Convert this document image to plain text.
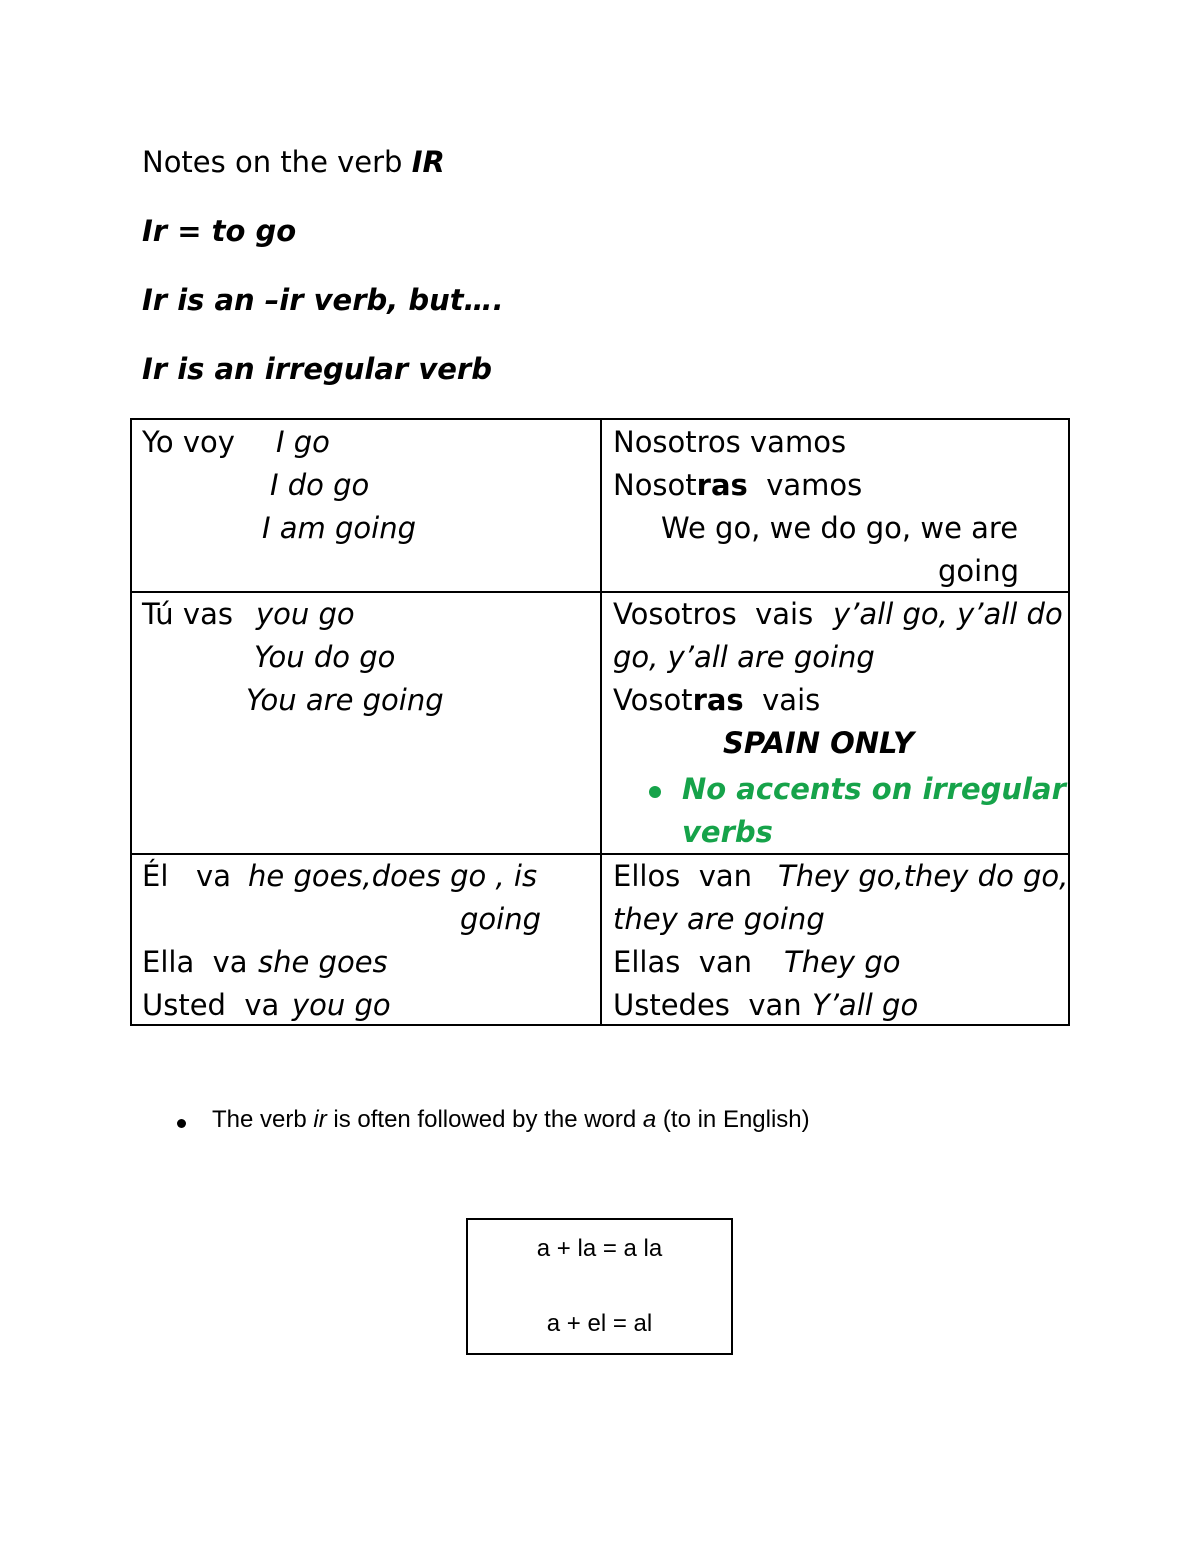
Notes on the verb IR
Ir = to go
Ir is an –ir verb, but….
Ir is an irregular verb
Yo voy I go
I do go
I am going
Nosotros vamos
Nosotras  vamos
We go, we do go, we are
going
Tú vas you go
You do go
You are going
Vosotros  vais y’all go, y’all do
go, y’all are going
Vosotras  vais
SPAIN ONLY
No accents on irregular
verbs
Él   va he goes,does go , is
going
Ella  va she goes
Usted  va you go
Ellos  van They go,they do go,
they are going
Ellas  van They go
Ustedes  van Y’all go
The verb ir is often followed by the word a (to in English)
a + la = a la
a + el = al
